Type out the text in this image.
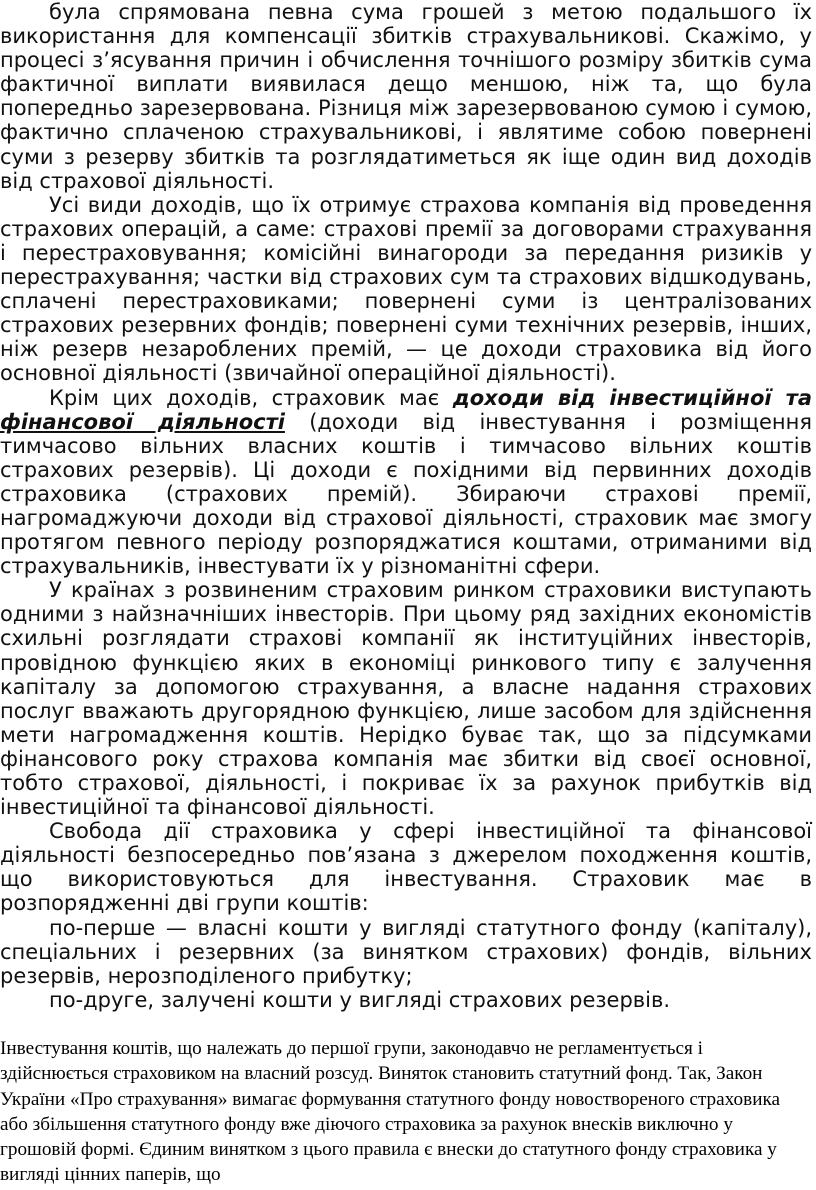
була спрямована певна сума грошей з метою подальшого їх використання для компенсації збитків страхувальникові. Скажімо, у процесі з’ясування причин і обчислення точнішого розміру збитків сума фактичної виплати виявилася дещо меншою, ніж та, що була попередньо зарезервована. Різниця між зарезервованою сумою і сумою, фактично сплаченою страхувальникові, і являтиме собою повернені суми з резерву збитків та розглядатиметься як іще один вид доходів від страхової діяльності.

Усі види доходів, що їх отримує страхова компанія від проведення страхових операцій, а саме: страхові премії за договорами страхування і перестраховування; комісійні винагороди за передання ризиків у перестрахування; частки від страхових сум та страхових відшкодувань, сплачені перестраховиками; повернені суми із централізованих страхових резервних фондів; повернені суми технічних резервів, інших, ніж резерв незароблених премій, — це доходи страховика від його основної діяльності (звичайної операційної діяльності).

Крім цих доходів, страховик має доходи від інвестиційної та фінансової діяльності (доходи від інвестування і розміщення тимчасово вільних власних коштів і тимчасово вільних коштів страхових резервів). Ці доходи є похідними від первинних доходів страховика (страхових премій). Збираючи страхові премії, нагромаджуючи доходи від страхової діяльності, страховик має змогу протягом певного періоду розпоряджатися коштами, отриманими від страхувальників, інвестувати їх у різноманітні сфери.

У країнах з розвиненим страховим ринком страховики виступають одними з найзначніших інвесторів. При цьому ряд західних економістів схильні розглядати страхові компанії як інституційних інвесторів, провідною функцією яких в економіці ринкового типу є залучення капіталу за допомогою страхування, а власне надання страхових послуг вважають другорядною функцією, лише засобом для здійснення мети нагромадження коштів. Нерідко буває так, що за підсумками фінансового року страхова компанія має збитки від своєї основної, тобто страхової, діяльності, і покриває їх за рахунок прибутків від інвестиційної та фінансової діяльності.

Свобода дії страховика у сфері інвестиційної та фінансової діяльності безпосередньо пов’язана з джерелом походження коштів, що використовуються для інвестування. Страховик має в розпорядженні дві групи коштів:

по-перше — власні кошти у вигляді статутного фонду (капіталу), спеціальних і резервних (за винятком страхових) фондів, вільних резервів, нерозподіленого прибутку;

по-друге, залучені кошти у вигляді страхових резервів.

Інвестування коштів, що належать до першої групи, законодавчо не регламентується і здійснюється страховиком на власний розсуд. Виняток становить статутний фонд. Так, Закон України «Про страхування» вимагає формування статутного фонду новоствореного страховика або збільшення статутного фонду вже діючого страховика за рахунок внесків виключно у грошовій формі. Єдиним винятком з цього правила є внески до статутного фонду страховика у вигляді цінних паперів, що
